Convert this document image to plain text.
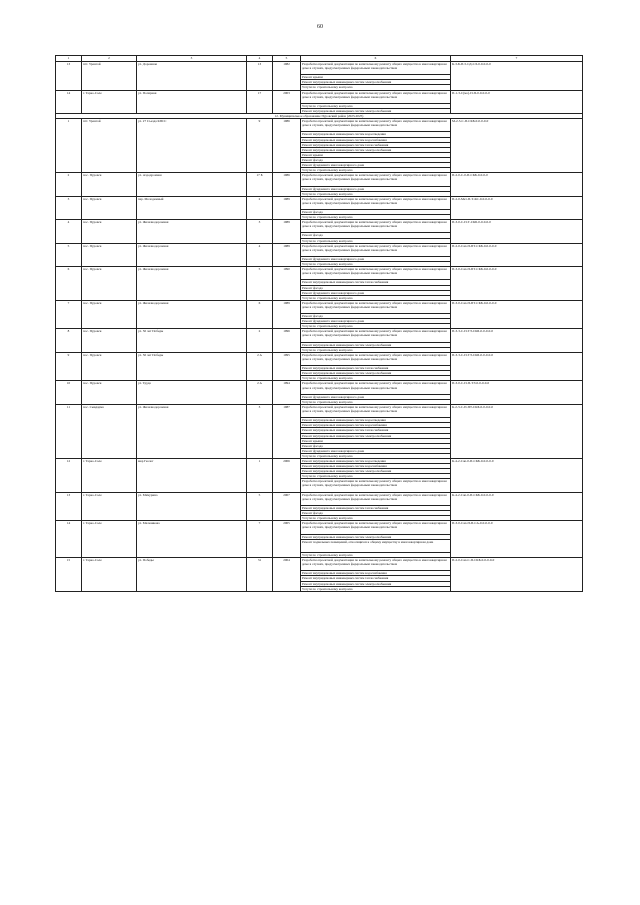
60
1	2	3	4	5	6	7
13	пгт. Уренгой	ул. Дорожная	13	1982	Разработка проектной документации по капитальному ремонту общего имущества в многоквартирном доме в случаях, предусмотренных федеральным законодательством	К-3-Б-П-5-СД-СЛ-0-0-0-0-0
					Ремонт крыши	
					Ремонт внутридомовых инженерных систем электроснабжения	
					Услуги по строительному контролю	
14	г. Тарко-Сале	ул. Полярная	17	2003	Разработка проектной документации по капитальному ремонту общего имущества в многоквартирном доме в случаях, предусмотренных федеральным законодательством	П-1-3-С(мо)-П-П-0-0-0-0-0
					Услуги по строительному контролю	
					Ремонт внутридомовых инженерных систем электроснабжения	
12. Муниципальное образование Пуровский район (2023-2025)						
1	пгт. Уренгой	ул. 27 Съезда КПСС	9	1986	Разработка проектной документации по капитальному ремонту общего имущества в многоквартирном доме в случаях, предусмотренных федеральным законодательством	М-2-3-С-П-СКБ-0-0-0-0-0
					Ремонт внутридомовых инженерных систем водоотведения	
					Ремонт внутридомовых инженерных систем водоснабжения	
					Ремонт внутридомовых инженерных систем теплоснабжения	
					Ремонт внутридомовых инженерных систем электроснабжения	
					Ремонт крыши	
					Ремонт фасада	
					Ремонт фундамента многоквартирного дома	
					Услуги по строительному контролю	
2	пос. Пуровск	ул. Аэродромная	17 Б	1986	Разработка проектной документации по капитальному ремонту общего имущества в многоквартирном доме в случаях, предусмотренных федеральным законодательством	П-2-0-С-0-П-СКБ-0-0-0-0
					Ремонт фундамента многоквартирного дома	
					Услуги по строительному контролю	
3	пос. Пуровск	пер. Молодежный	2	1989	Разработка проектной документации по капитальному ремонту общего имущества в многоквартирном доме в случаях, предусмотренных федеральным законодательством	П-2-0-Мет-П-Т-КС-0-0-0-0-0
					Ремонт фасада	
					Услуги по строительному контролю	
4	пос. Пуровск	ул. Железнодорожная	3	1989	Разработка проектной документации по капитальному ремонту общего имущества в многоквартирном доме в случаях, предусмотренных федеральным законодательством	П-3-0-С-П-Т-СКБ-0-0-0-0-0
					Ремонт фасада	
					Услуги по строительному контролю	
5	пос. Пуровск	ул. Железнодорожная	4	1989	Разработка проектной документации по капитальному ремонту общего имущества в многоквартирном доме в случаях, предусмотренных федеральным законодательством	П-2-0-Сап-П-ПТ-СКБ-0-0-0-0-0
					Ремонт фундамента многоквартирного дома	
					Услуги по строительному контролю	
6	пос. Пуровск	ул. Железнодорожная	5	1990	Разработка проектной документации по капитальному ремонту общего имущества в многоквартирном доме в случаях, предусмотренных федеральным законодательством	П-3-0-Сап-П-ПТ-СКБ-0-0-0-0-0
					Ремонт внутридомовых инженерных систем теплоснабжения	
					Ремонт фасада	
					Ремонт фундамента многоквартирного дома	
					Услуги по строительному контролю	
7	пос. Пуровск	ул. Железнодорожная	6	1989	Разработка проектной документации по капитальному ремонту общего имущества в многоквартирном доме в случаях, предусмотренных федеральным законодательством	П-3-0-Сап-П-ПТ-СКБ-0-0-0-0-0
					Ремонт фасада	
					Ремонт фундамента многоквартирного дома	
					Услуги по строительному контролю	
8	пос. Пуровск	ул. 50 лет Победы	2	1996	Разработка проектной документации по капитальному ремонту общего имущества в многоквартирном доме в случаях, предусмотренных федеральным законодательством	П-3-3-С-П-ТЭ-СКБ-0-0-0-0-0
					Ремонт внутридомовых инженерных систем электроснабжения	
					Услуги по строительному контролю	
9	пос. Пуровск	ул. 50 лет Победы	2 А	1995	Разработка проектной документации по капитальному ремонту общего имущества в многоквартирном доме в случаях, предусмотренных федеральным законодательством	П-3-3-С-П-ТЭ-СКБ-0-0-0-0-0
					Ремонт внутридомовых инженерных систем теплоснабжения	
					Ремонт внутридомовых инженерных систем электроснабжения	
					Услуги по строительному контролю	
10	пос. Пуровск	ул. Труда	2 А	1994	Разработка проектной документации по капитальному ремонту общего имущества в многоквартирном доме в случаях, предусмотренных федеральным законодательством	П-3-0-С-П-П-ТЭ-0-0-0-0-0
					Ремонт фундамента многоквартирного дома	
					Услуги по строительному контролю	
11	пос. Сывдарма	ул. Железнодорожная	3	1987	Разработка проектной документации по капитальному ремонту общего имущества в многоквартирном доме в случаях, предусмотренных федеральным законодательством	К-2-3-С-П-ПТ-СКБ-0-0-0-0-0
					Ремонт внутридомовых инженерных систем водоотведения	
					Ремонт внутридомовых инженерных систем водоснабжения	
					Ремонт внутридомовых инженерных систем теплоснабжения	
					Ремонт внутридомовых инженерных систем электроснабжения	
					Ремонт крыши	
					Ремонт фасада	
					Ремонт фундамента многоквартирного дома	
					Услуги по строительному контролю	
12	г. Тарко-Сале	мкр Геолог	1	2006	Ремонт внутридомовых инженерных систем водоотведения	К-4-2-Сап-0-П-СКБ-0-0-0-0-0
					Ремонт внутридомовых инженерных систем водоснабжения	
					Ремонт внутридомовых инженерных систем электроснабжения	
					Услуги по строительному контролю	
					Разработка проектной документации по капитальному ремонту общего имущества в многоквартирном доме в случаях, предусмотренных федеральным законодательством	
13	г. Тарко-Сале	ул. Мичурина	5	2007	Разработка проектной документации по капитальному ремонту общего имущества в многоквартирном доме в случаях, предусмотренных федеральным законодательством	К-4-2-Сап-0-П-СКБ-0-0-0-0-0
					Ремонт внутридомовых инженерных систем теплоснабжения	
					Ремонт фасада	
					Услуги по строительному контролю	
14	г. Тарко-Сале	ул. Мальчикова	7	2005	Разработка проектной документации по капитальному ремонту общего имущества в многоквартирном доме в случаях, предусмотренных федеральным законодательством	П-3-0-Сап-П-П-СА-0-0-0-0-0
					Ремонт внутридомовых инженерных систем электроснабжения	
					Ремонт подвальных помещений, относящихся к общему имуществу в многоквартирном доме	
					Услуги по строительному контролю	
15	г. Тарко-Сале	ул. Победы	31	2004	Разработка проектной документации по капитальному ремонту общего имущества в многоквартирном доме в случаях, предусмотренных федеральным законодательством	П-2-0-Сап-С-П-СКБ-0-0-0-0-0
					Ремонт внутридомовых инженерных систем водоснабжения	
					Ремонт внутридомовых инженерных систем теплоснабжения	
					Ремонт внутридомовых инженерных систем электроснабжения	
					Услуги по строительному контролю	
